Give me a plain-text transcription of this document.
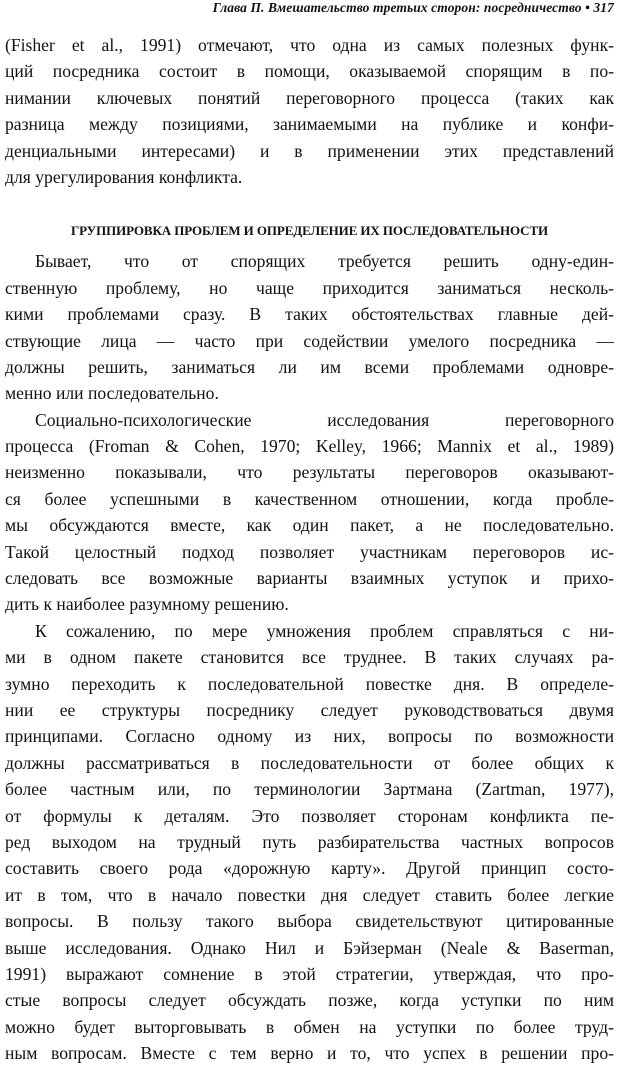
Глава П. Вмешательство третьих сторон: посредничество • 317
(Fisher et al., 1991) отмечают, что одна из самых полезных функ-
ций посредника состоит в помощи, оказываемой спорящим в по-
нимании ключевых понятий переговорного процесса (таких как
разница между позициями, занимаемыми на публике и конфи-
денциальными интересами) и в применении этих представлений
для урегулирования конфликта.
ГРУППИРОВКА ПРОБЛЕМ И ОПРЕДЕЛЕНИЕ ИХ ПОСЛЕДОВАТЕЛЬНОСТИ
Бывает, что от спорящих требуется решить одну-един-
ственную проблему, но чаще приходится заниматься несколь-
кими проблемами сразу. В таких обстоятельствах главные дей-
ствующие лица — часто при содействии умелого посредника —
должны решить, заниматься ли им всеми проблемами одновре-
менно или последовательно.
Социально-психологические исследования переговорного
процесса (Froman & Cohen, 1970; Kelley, 1966; Mannix et al., 1989)
неизменно показывали, что результаты переговоров оказывают-
ся более успешными в качественном отношении, когда пробле-
мы обсуждаются вместе, как один пакет, а не последовательно.
Такой целостный подход позволяет участникам переговоров ис-
следовать все возможные варианты взаимных уступок и прихо-
дить к наиболее разумному решению.
К сожалению, по мере умножения проблем справляться с ни-
ми в одном пакете становится все труднее. В таких случаях ра-
зумно переходить к последовательной повестке дня. В определе-
нии ее структуры посреднику следует руководствоваться двумя
принципами. Согласно одному из них, вопросы по возможности
должны рассматриваться в последовательности от более общих к
более частным или, по терминологии Зартмана (Zartman, 1977),
от формулы к деталям. Это позволяет сторонам конфликта пе-
ред выходом на трудный путь разбирательства частных вопросов
составить своего рода «дорожную карту». Другой принцип состо-
ит в том, что в начало повестки дня следует ставить более легкие
вопросы. В пользу такого выбора свидетельствуют цитированные
выше исследования. Однако Нил и Бэйзерман (Neale & Baserman,
1991) выражают сомнение в этой стратегии, утверждая, что про-
стые вопросы следует обсуждать позже, когда уступки по ним
можно будет выторговывать в обмен на уступки по более труд-
ным вопросам. Вместе с тем верно и то, что успех в решении про-
